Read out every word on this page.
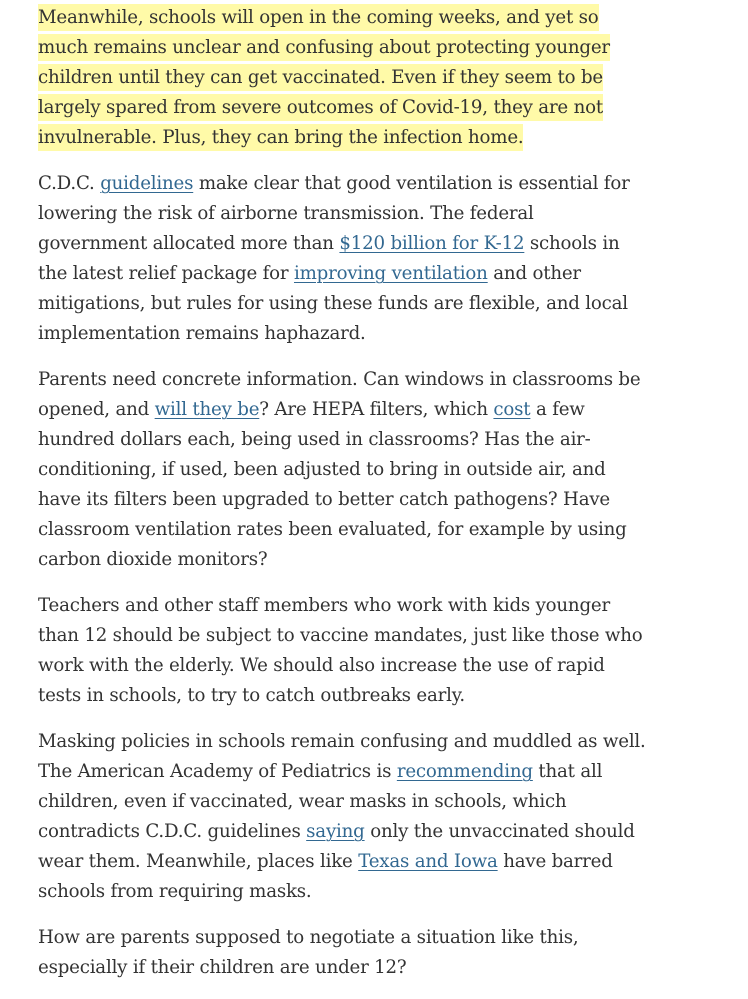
Meanwhile, schools will open in the coming weeks, and yet so much remains unclear and confusing about protecting younger children until they can get vaccinated. Even if they seem to be largely spared from severe outcomes of Covid-19, they are not invulnerable. Plus, they can bring the infection home.

C.D.C. guidelines make clear that good ventilation is essential for lowering the risk of airborne transmission. The federal government allocated more than $120 billion for K-12 schools in the latest relief package for improving ventilation and other mitigations, but rules for using these funds are flexible, and local implementation remains haphazard.

Parents need concrete information. Can windows in classrooms be opened, and will they be? Are HEPA filters, which cost a few hundred dollars each, being used in classrooms? Has the air-conditioning, if used, been adjusted to bring in outside air, and have its filters been upgraded to better catch pathogens? Have classroom ventilation rates been evaluated, for example by using carbon dioxide monitors?

Teachers and other staff members who work with kids younger than 12 should be subject to vaccine mandates, just like those who work with the elderly. We should also increase the use of rapid tests in schools, to try to catch outbreaks early.

Masking policies in schools remain confusing and muddled as well. The American Academy of Pediatrics is recommending that all children, even if vaccinated, wear masks in schools, which contradicts C.D.C. guidelines saying only the unvaccinated should wear them. Meanwhile, places like Texas and Iowa have barred schools from requiring masks.

How are parents supposed to negotiate a situation like this, especially if their children are under 12?
